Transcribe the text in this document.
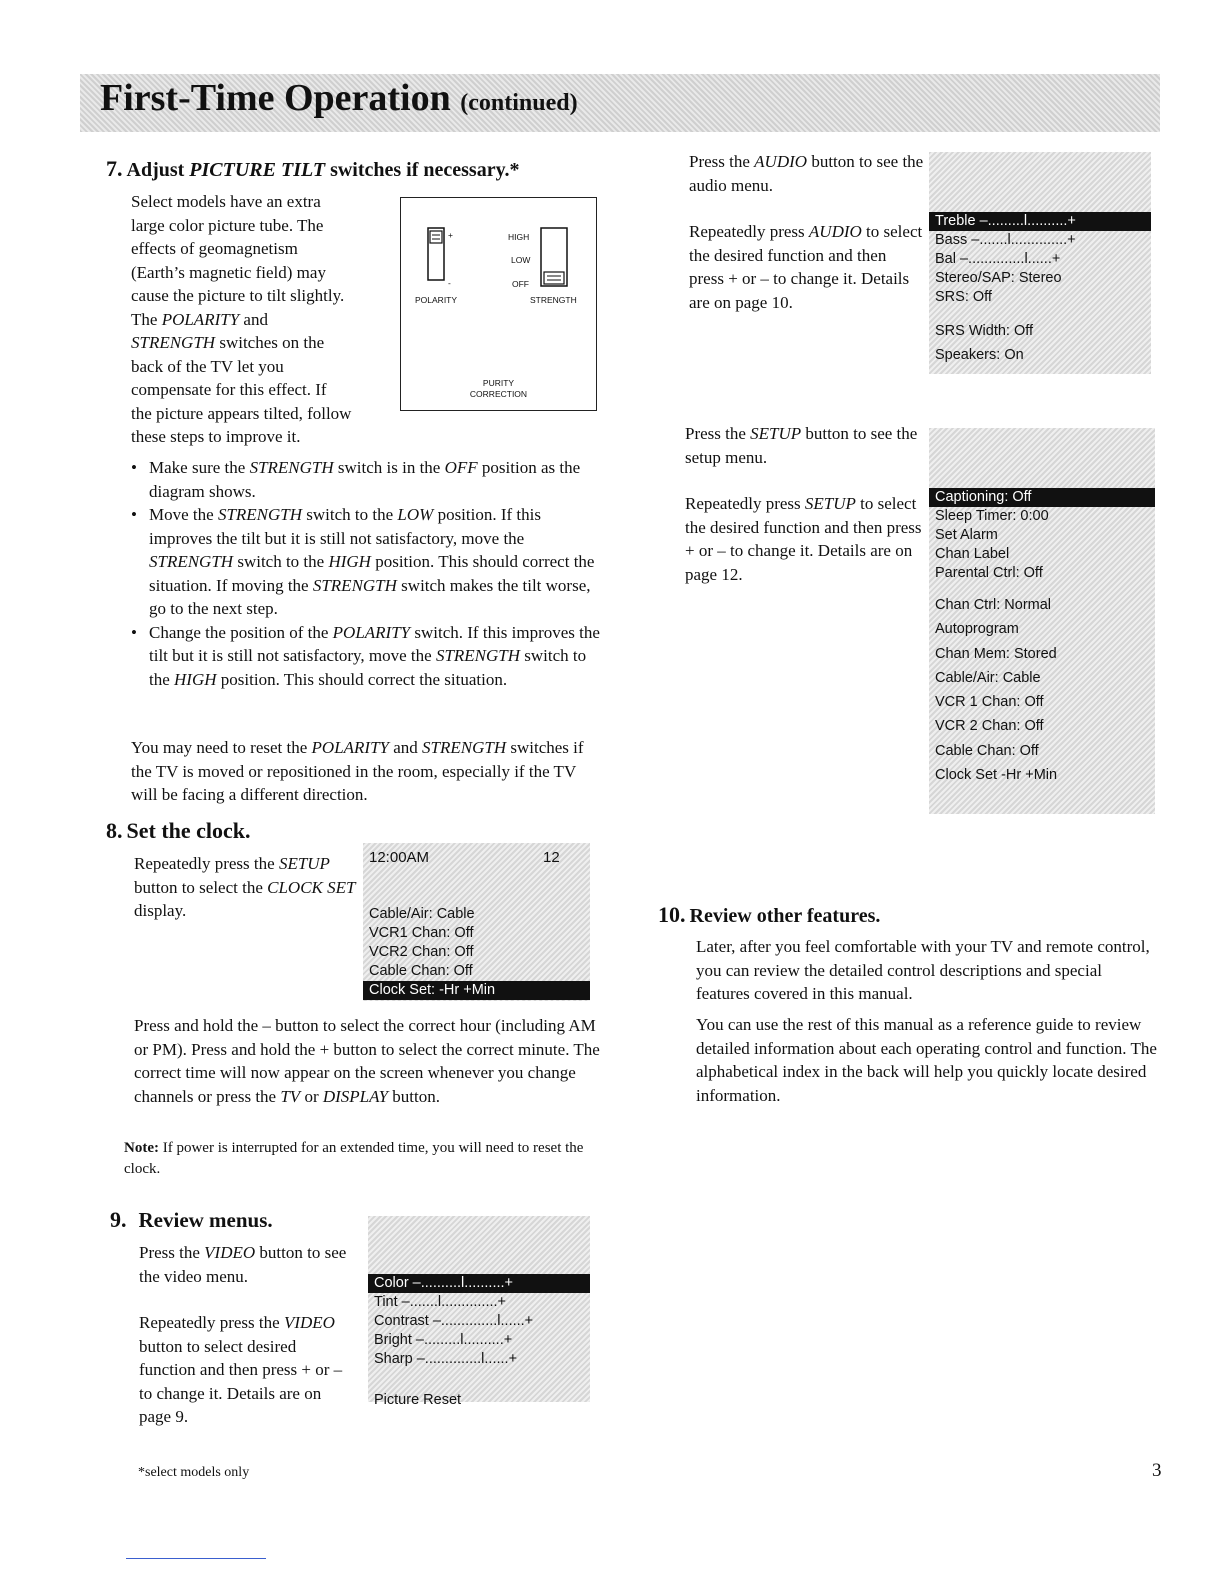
First-Time Operation (continued)
7. Adjust PICTURE TILT switches if necessary.*
Select models have an extra
large color picture tube. The
effects of geomagnetism
(Earth’s magnetic field) may
cause the picture to tilt slightly.
The POLARITY and
STRENGTH switches on the
back of the TV let you
compensate for this effect. If
the picture appears tilted, follow
these steps to improve it.
+
-
HIGH
LOW
OFF
POLARITY	STRENGTH
PURITY
CORRECTION
• Make sure the STRENGTH switch is in the OFF position as the diagram shows.
• Move the STRENGTH switch to the LOW position. If this improves the tilt but it is still not satisfactory, move the STRENGTH switch to the HIGH position. This should correct the situation. If moving the STRENGTH switch makes the tilt worse, go to the next step.
• Change the position of the POLARITY switch. If this improves the tilt but it is still not satisfactory, move the STRENGTH switch to the HIGH position. This should correct the situation.
You may need to reset the POLARITY and STRENGTH switches if the TV is moved or repositioned in the room, especially if the TV will be facing a different direction.
8. Set the clock.
Repeatedly press the SETUP button to select the CLOCK SET display.
12:00AM	12
Cable/Air: Cable
VCR1 Chan: Off
VCR2 Chan: Off
Cable Chan: Off
Clock Set: -Hr +Min
Press and hold the – button to select the correct hour (including AM or PM). Press and hold the + button to select the correct minute. The correct time will now appear on the screen whenever you change channels or press the TV or DISPLAY button.
Note: If power is interrupted for an extended time, you will need to reset the clock.
9. Review menus.
Press the VIDEO button to see the video menu.
Repeatedly press the VIDEO button to select desired function and then press + or – to change it. Details are on page 9.
Color –..........l..........+
Tint –.......l..............+
Contrast –..............l......+
Bright –.........l..........+
Sharp –..............l......+
Picture Reset
Press the AUDIO button to see the audio menu.
Repeatedly press AUDIO to select the desired function and then press + or – to change it. Details are on page 10.
Treble –.........l..........+
Bass –.......l..............+
Bal –..............l......+
Stereo/SAP: Stereo
SRS: Off
SRS Width: Off
Speakers: On
Press the SETUP button to see the setup menu.
Repeatedly press SETUP to select the desired function and then press + or – to change it. Details are on page 12.
Captioning: Off
Sleep Timer: 0:00
Set Alarm
Chan Label
Parental Ctrl: Off
Chan Ctrl: Normal
Autoprogram
Chan Mem: Stored
Cable/Air: Cable
VCR 1 Chan: Off
VCR 2 Chan: Off
Cable Chan: Off
Clock Set -Hr +Min
10. Review other features.
Later, after you feel comfortable with your TV and remote control, you can review the detailed control descriptions and special features covered in this manual.
You can use the rest of this manual as a reference guide to review detailed information about each operating control and function. The alphabetical index in the back will help you quickly locate desired information.
*select models only	3
